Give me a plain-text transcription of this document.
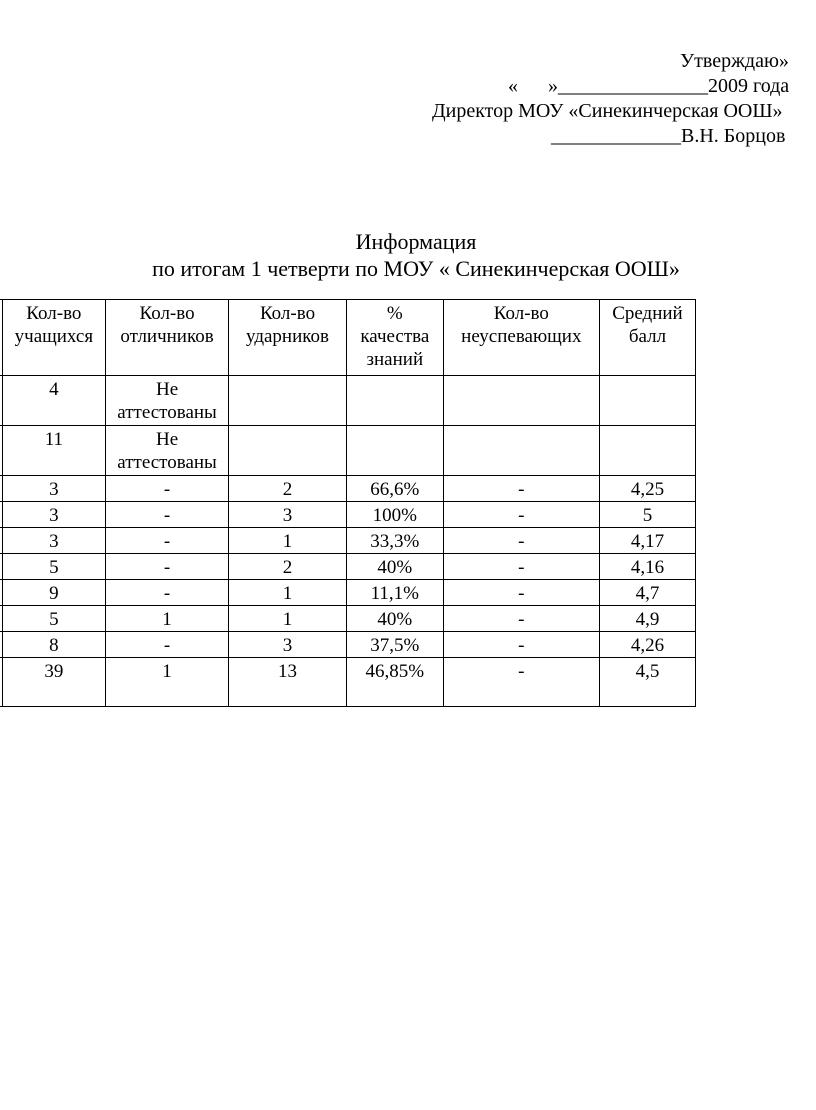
Утверждаю»
«      »_______________2009 года
Директор МОУ «Синекинчерская ООШ»
_____________В.Н. Борцов
Информация
по итогам 1 четверти по МОУ « Синекинчерская ООШ»
	Кол-во учащихся	Кол-во отличников	Кол-во ударников	% качества знаний	Кол-во неуспевающих	Средний балл
	4	Не аттестованы				
	11	Не аттестованы				
	3	-	2	66,6%	-	4,25
	3	-	3	100%	-	5
	3	-	1	33,3%	-	4,17
	5	-	2	40%	-	4,16
	9	-	1	11,1%	-	4,7
	5	1	1	40%	-	4,9
	8	-	3	37,5%	-	4,26
	39	1	13	46,85%	-	4,5
